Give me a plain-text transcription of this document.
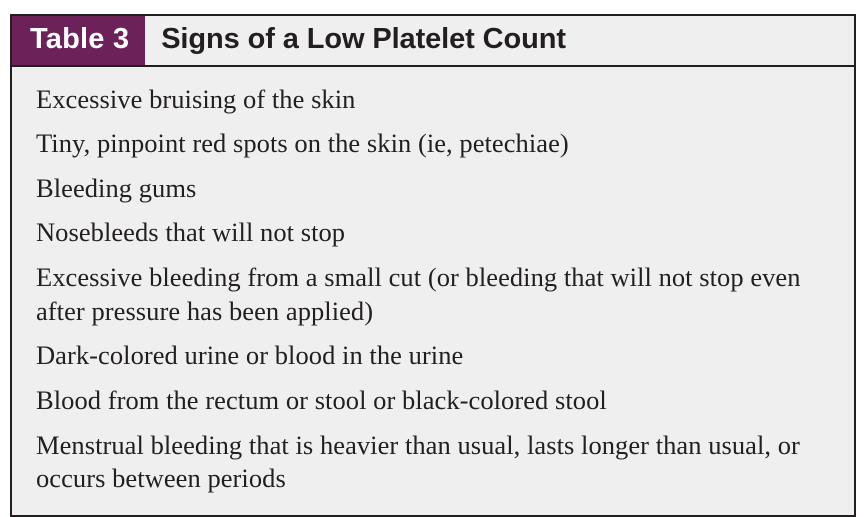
Table 3	Signs of a Low Platelet Count
Excessive bruising of the skin
Tiny, pinpoint red spots on the skin (ie, petechiae)
Bleeding gums
Nosebleeds that will not stop
Excessive bleeding from a small cut (or bleeding that will not stop even after pressure has been applied)
Dark-colored urine or blood in the urine
Blood from the rectum or stool or black-colored stool
Menstrual bleeding that is heavier than usual, lasts longer than usual, or occurs between periods
